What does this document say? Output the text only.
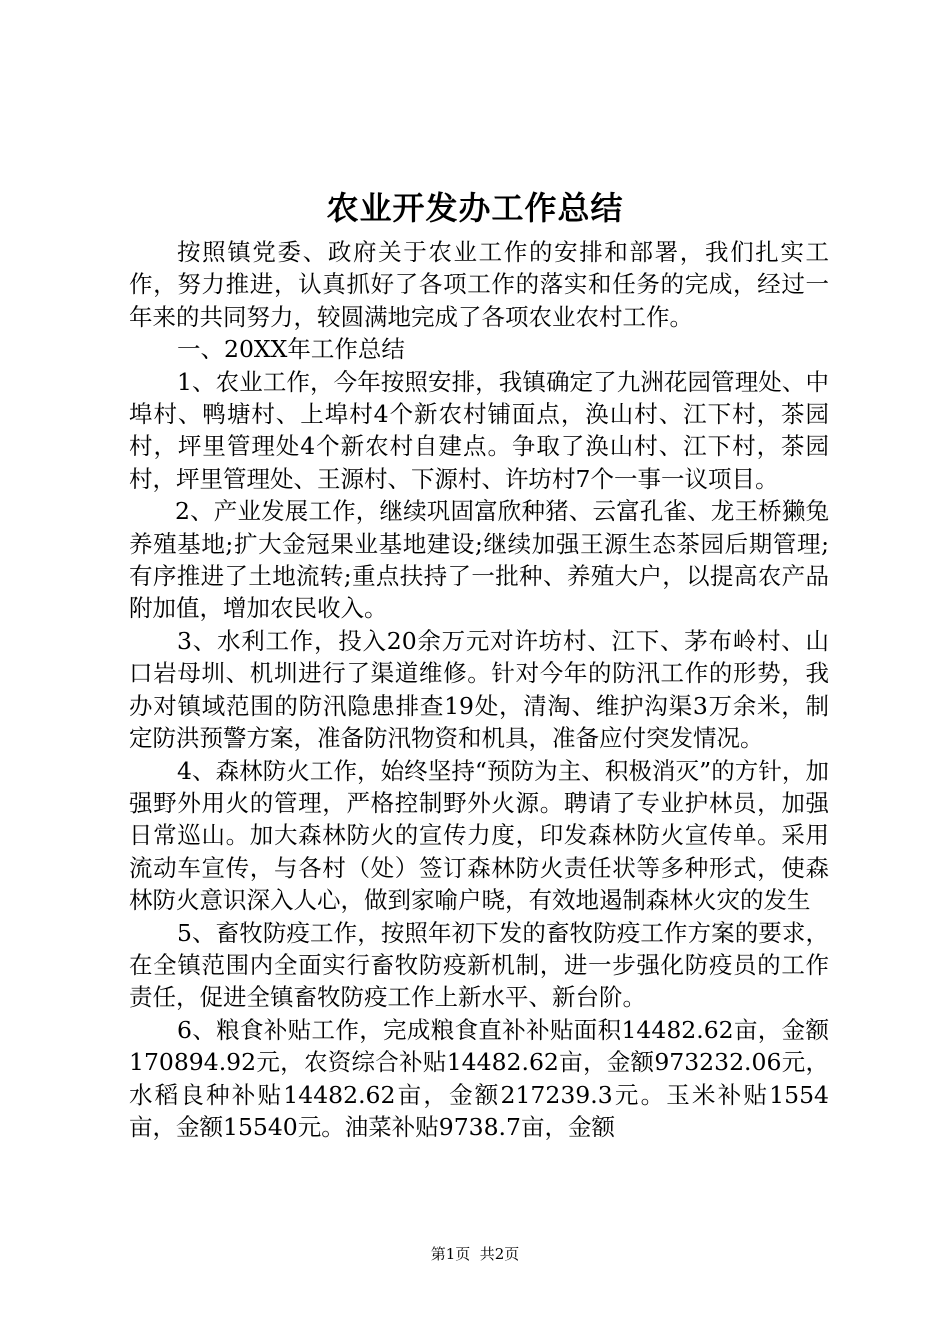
农业开发办工作总结

按照镇党委、政府关于农业工作的安排和部署，我们扎实工作，努力推进，认真抓好了各项工作的落实和任务的完成，经过一年来的共同努力，较圆满地完成了各项农业农村工作。

一、20XX年工作总结

1、农业工作，今年按照安排，我镇确定了九洲花园管理处、中埠村、鸭塘村、上埠村4个新农村铺面点，涣山村、江下村，茶园村，坪里管理处4个新农村自建点。争取了涣山村、江下村，茶园村，坪里管理处、王源村、下源村、许坊村7个一事一议项目。

2、产业发展工作，继续巩固富欣种猪、云富孔雀、龙王桥獭兔养殖基地;扩大金冠果业基地建设;继续加强王源生态茶园后期管理;有序推进了土地流转;重点扶持了一批种、养殖大户，以提高农产品附加值，增加农民收入。

3、水利工作，投入20余万元对许坊村、江下、茅布岭村、山口岩母圳、机圳进行了渠道维修。针对今年的防汛工作的形势，我办对镇域范围的防汛隐患排查19处，清淘、维护沟渠3万余米，制定防洪预警方案，准备防汛物资和机具，准备应付突发情况。

4、森林防火工作，始终坚持“预防为主、积极消灭”的方针，加强野外用火的管理，严格控制野外火源。聘请了专业护林员，加强日常巡山。加大森林防火的宣传力度，印发森林防火宣传单。采用流动车宣传，与各村（处）签订森林防火责任状等多种形式，使森林防火意识深入人心，做到家喻户晓，有效地遏制森林火灾的发生

5、畜牧防疫工作，按照年初下发的畜牧防疫工作方案的要求，在全镇范围内全面实行畜牧防疫新机制，进一步强化防疫员的工作责任，促进全镇畜牧防疫工作上新水平、新台阶。

6、粮食补贴工作，完成粮食直补补贴面积14482.62亩，金额170894.92元，农资综合补贴14482.62亩，金额973232.06元，水稻良种补贴14482.62亩，金额217239.3元。玉米补贴1554亩，金额15540元。油菜补贴9738.7亩，金额

第1页  共2页
